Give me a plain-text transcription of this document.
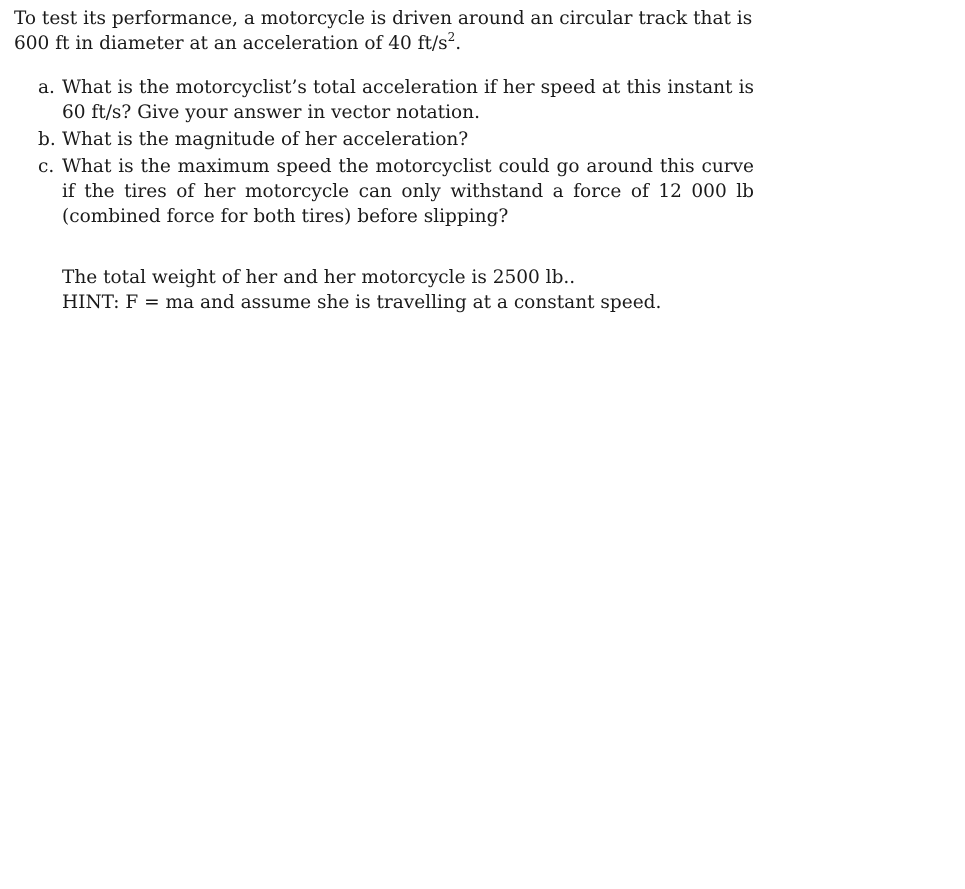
To test its performance, a motorcycle is driven around an circular track that is 600 ft in diameter at an acceleration of 40 $ft/s^2$.

a. What is the motorcyclist’s total acceleration if her speed at this instant is 60 ft/s? Give your answer in vector notation.

b. What is the magnitude of her acceleration?

c. What is the maximum speed the motorcyclist could go around this curve if the tires of her motorcycle can only withstand a force of 12 000 lb (combined force for both tires) before slipping?

The total weight of her and her motorcycle is 2500 lb..

HINT: F = ma and assume she is travelling at a constant speed.
